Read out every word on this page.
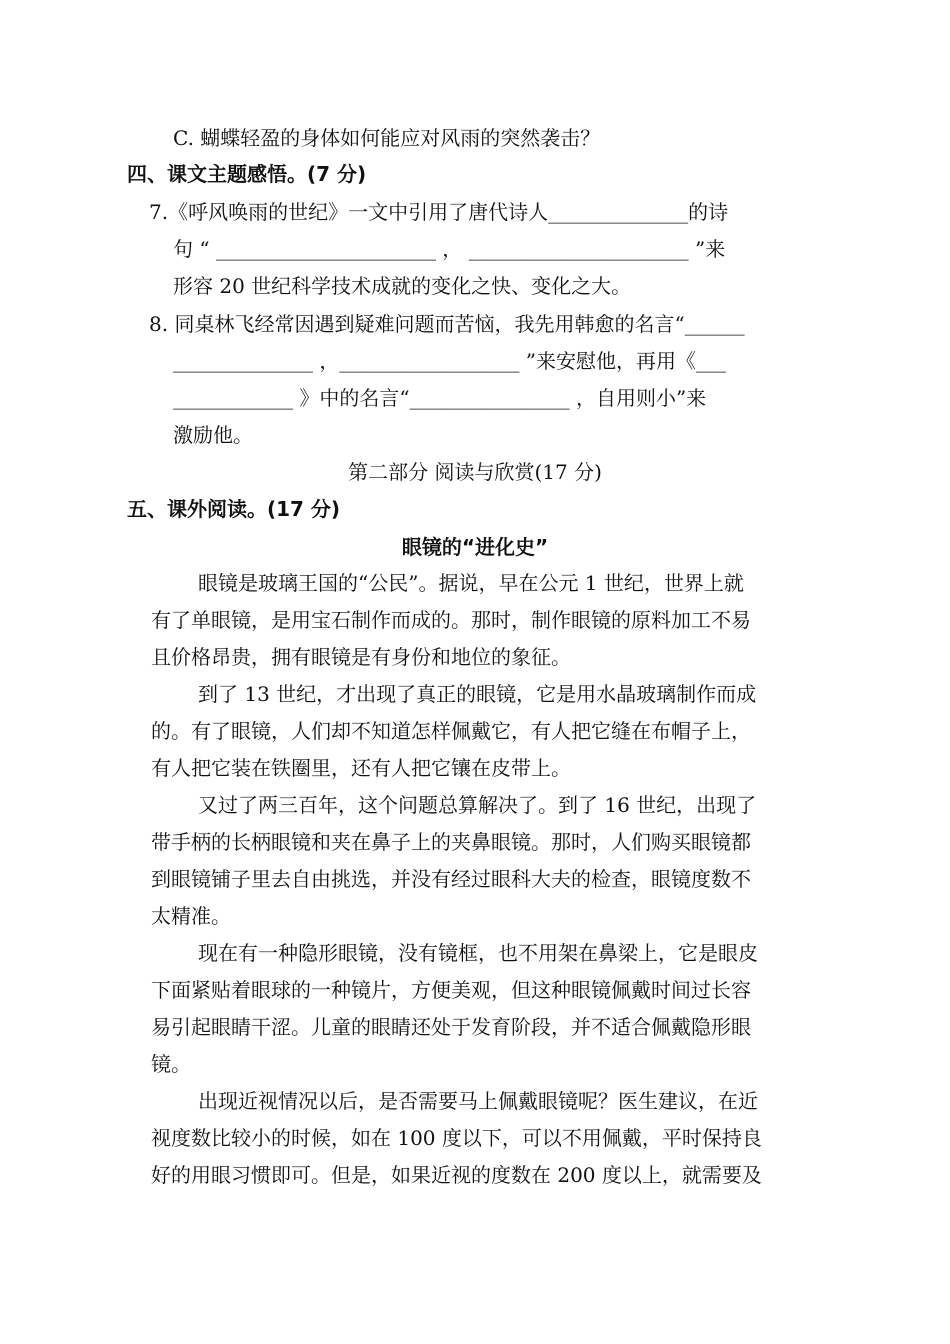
C. 蝴蝶轻盈的身体如何能应对风雨的突然袭击？
四、课文主题感悟。(7 分)
7.《呼风唤雨的世纪》一文中引用了唐代诗人______________的诗
句 “ ______________________ ， ______________________ ”来
形容 20 世纪科学技术成就的变化之快、变化之大。
8. 同桌林飞经常因遇到疑难问题而苦恼，我先用韩愈的名言“______
______________ ，__________________ ”来安慰他，再用《___
____________ 》中的名言“________________ ，自用则小”来
激励他。
第二部分 阅读与欣赏(17 分)
五、课外阅读。(17 分)
眼镜的“进化史”
眼镜是玻璃王国的“公民”。据说，早在公元 1 世纪，世界上就
有了单眼镜，是用宝石制作而成的。那时，制作眼镜的原料加工不易
且价格昂贵，拥有眼镜是有身份和地位的象征。
到了 13 世纪，才出现了真正的眼镜，它是用水晶玻璃制作而成
的。有了眼镜，人们却不知道怎样佩戴它，有人把它缝在布帽子上，
有人把它装在铁圈里，还有人把它镶在皮带上。
又过了两三百年，这个问题总算解决了。到了 16 世纪，出现了
带手柄的长柄眼镜和夹在鼻子上的夹鼻眼镜。那时，人们购买眼镜都
到眼镜铺子里去自由挑选，并没有经过眼科大夫的检查，眼镜度数不
太精准。
现在有一种隐形眼镜，没有镜框，也不用架在鼻梁上，它是眼皮
下面紧贴着眼球的一种镜片，方便美观，但这种眼镜佩戴时间过长容
易引起眼睛干涩。儿童的眼睛还处于发育阶段，并不适合佩戴隐形眼
镜。
出现近视情况以后，是否需要马上佩戴眼镜呢？医生建议，在近
视度数比较小的时候，如在 100 度以下，可以不用佩戴，平时保持良
好的用眼习惯即可。但是，如果近视的度数在 200 度以上，就需要及
